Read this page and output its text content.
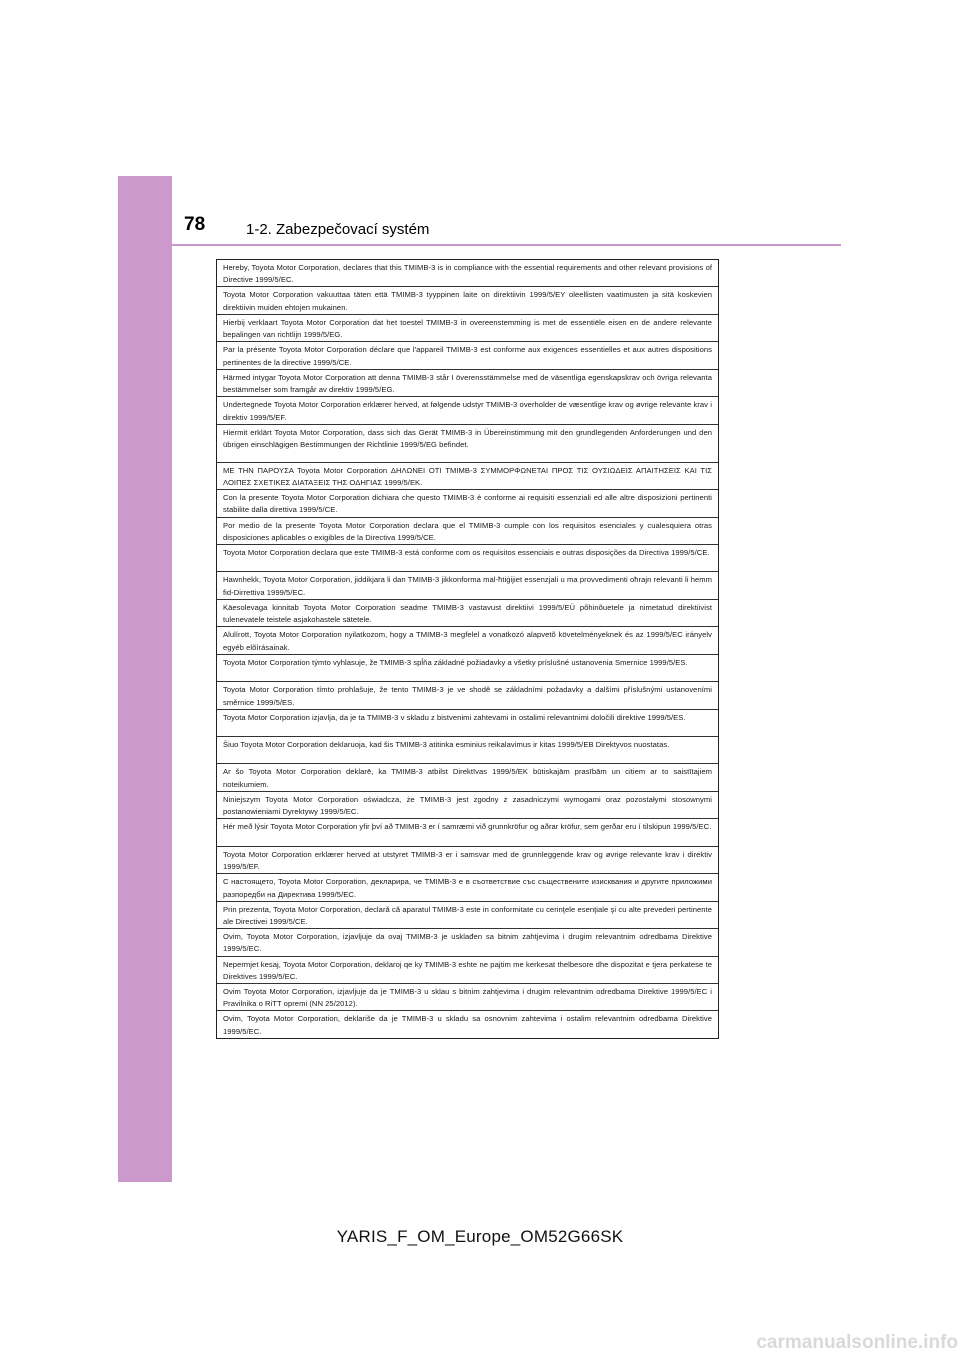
78	1-2. Zabezpečovací systém
Hereby, Toyota Motor Corporation, declares that this TMIMB-3 is in compliance with the essential requirements and other relevant provisions of Directive 1999/5/EC.
Toyota Motor Corporation vakuuttaa täten että TMIMB-3 tyyppinen laite on direktiivin 1999/5/EY oleellisten vaatimusten ja sitä koskevien direktiivin muiden ehtojen mukainen.
Hierbij verklaart Toyota Motor Corporation dat het toestel TMIMB-3 in overeenstemming is met de essentiële eisen en de andere relevante bepalingen van richtlijn 1999/5/EG.
Par la présente Toyota Motor Corporation déclare que l'appareil TMIMB-3 est conforme aux exigences essentielles et aux autres dispositions pertinentes de la directive 1999/5/CE.
Härmed intygar Toyota Motor Corporation att denna TMIMB-3 står I överensstämmelse med de väsentliga egenskapskrav och övriga relevanta bestämmelser som framgår av direktiv 1999/5/EG.
Undertegnede Toyota Motor Corporation erklærer herved, at følgende udstyr TMIMB-3 overholder de væsentlige krav og øvrige relevante krav i direktiv 1999/5/EF.
Hiermit erklärt Toyota Motor Corporation, dass sich das Gerät TMIMB-3 in Übereinstimmung mit den grundlegenden Anforderungen und den übrigen einschlägigen Bestimmungen der Richtlinie 1999/5/EG befindet.
ΜΕ ΤΗΝ ΠΑΡΟΥΣΑ Toyota Motor Corporation ΔΗΛΩΝΕΙ ΟΤΙ TMIMB-3 ΣΥΜΜΟΡΦΩΝΕΤΑΙ ΠΡΟΣ ΤΙΣ ΟΥΣΙΩΔΕΙΣ ΑΠΑΙΤΗΣΕΙΣ ΚΑΙ ΤΙΣ ΛΟΙΠΕΣ ΣΧΕΤΙΚΕΣ ΔΙΑΤΑΞΕΙΣ ΤΗΣ ΟΔΗΓΙΑΣ 1999/5/ΕΚ.
Con la presente Toyota Motor Corporation dichiara che questo TMIMB-3 è conforme ai requisiti essenziali ed alle altre disposizioni pertinenti stabilite dalla direttiva 1999/5/CE.
Por medio de la presente Toyota Motor Corporation declara que el TMIMB-3 cumple con los requisitos esenciales y cualesquiera otras disposiciones aplicables o exigibles de la Directiva 1999/5/CE.
Toyota Motor Corporation declara que este TMIMB-3 está conforme com os requisitos essenciais e outras disposições da Directiva 1999/5/CE.
Hawnhekk, Toyota Motor Corporation, jiddikjara li dan TMIMB-3 jikkonforma mal-ħtiġijiet essenzjali u ma provvedimenti oħrajn relevanti li hemm fid-Dirrettiva 1999/5/EC.
Käesolevaga kinnitab Toyota Motor Corporation seadme TMIMB-3 vastavust direktiivi 1999/5/EÜ põhinõuetele ja nimetatud direktiivist tulenevatele teistele asjakohastele sätetele.
Alulírott, Toyota Motor Corporation nyilatkozom, hogy a TMIMB-3 megfelel a vonatkozó alapvetõ követelményeknek és az 1999/5/EC irányelv egyéb elõírásainak.
Toyota Motor Corporation týmto vyhlasuje, že TMIMB-3 spĺňa základné požiadavky a všetky príslušné ustanovenia Smernice 1999/5/ES.
Toyota Motor Corporation tímto prohlašuje, že tento TMIMB-3 je ve shodě se základními požadavky a dalšími příslušnými ustanoveními směrnice 1999/5/ES.
Toyota Motor Corporation izjavlja, da je ta TMIMB-3 v skladu z bistvenimi zahtevami in ostalimi relevantnimi določili direktive 1999/5/ES.
Šiuo Toyota Motor Corporation deklaruoja, kad šis TMIMB-3 atitinka esminius reikalavimus ir kitas 1999/5/EB Direktyvos nuostatas.
Ar šo Toyota Motor Corporation deklarē, ka TMIMB-3 atbilst Direktīvas 1999/5/EK būtiskajām prasībām un citiem ar to saistītajiem noteikumiem.
Niniejszym Toyota Motor Corporation oświadcza, że TMIMB-3 jest zgodny z zasadniczymi wymogami oraz pozostałymi stosownymi postanowieniami Dyrektywy 1999/5/EC.
Hér með lýsir Toyota Motor Corporation yfir því að TMIMB-3 er í samræmi við grunnkröfur og aðrar kröfur, sem gerðar eru í tilskipun 1999/5/EC.
Toyota Motor Corporation erklærer herved at utstyret TMIMB-3 er i samsvar med de grunnleggende krav og øvrige relevante krav i direktiv 1999/5/EF.
С настоящето, Toyota Motor Corporation, декларира, че TMIMB-3 е в съответствие със съществените изисквания и другите приложими разпоредби на Директива 1999/5/ЕС.
Prin prezenta, Toyota Motor Corporation, declară că aparatul TMIMB-3 este in conformitate cu cerinţele esenţiale şi cu alte prevederi pertinente ale Directivei 1999/5/CE.
Ovim, Toyota Motor Corporation, izjavljuje da ovaj TMIMB-3 je usklađen sa bitnim zahtjevima i drugim relevantnim odredbama Direktive 1999/5/EC.
Nepermjet kesaj, Toyota Motor Corporation, deklaroj qe ky TMIMB-3 eshte ne pajtim me kerkesat thelbesore dhe dispozitat e tjera perkatese te Direktives 1999/5/EC.
Ovim Toyota Motor Corporation, izjavljuje da je TMIMB-3 u sklau s bitnim zahtjevima i drugim relevantnim odredbama Direktive 1999/5/EC i Pravilnika o RiTT opremi (NN 25/2012).
Ovim, Toyota Motor Corporation, deklariše da je TMIMB-3 u skladu sa osnovnim zahtevima i ostalim relevantnim odredbama Direktive 1999/5/EC.
YARIS_F_OM_Europe_OM52G66SK
carmanualsonline.info
